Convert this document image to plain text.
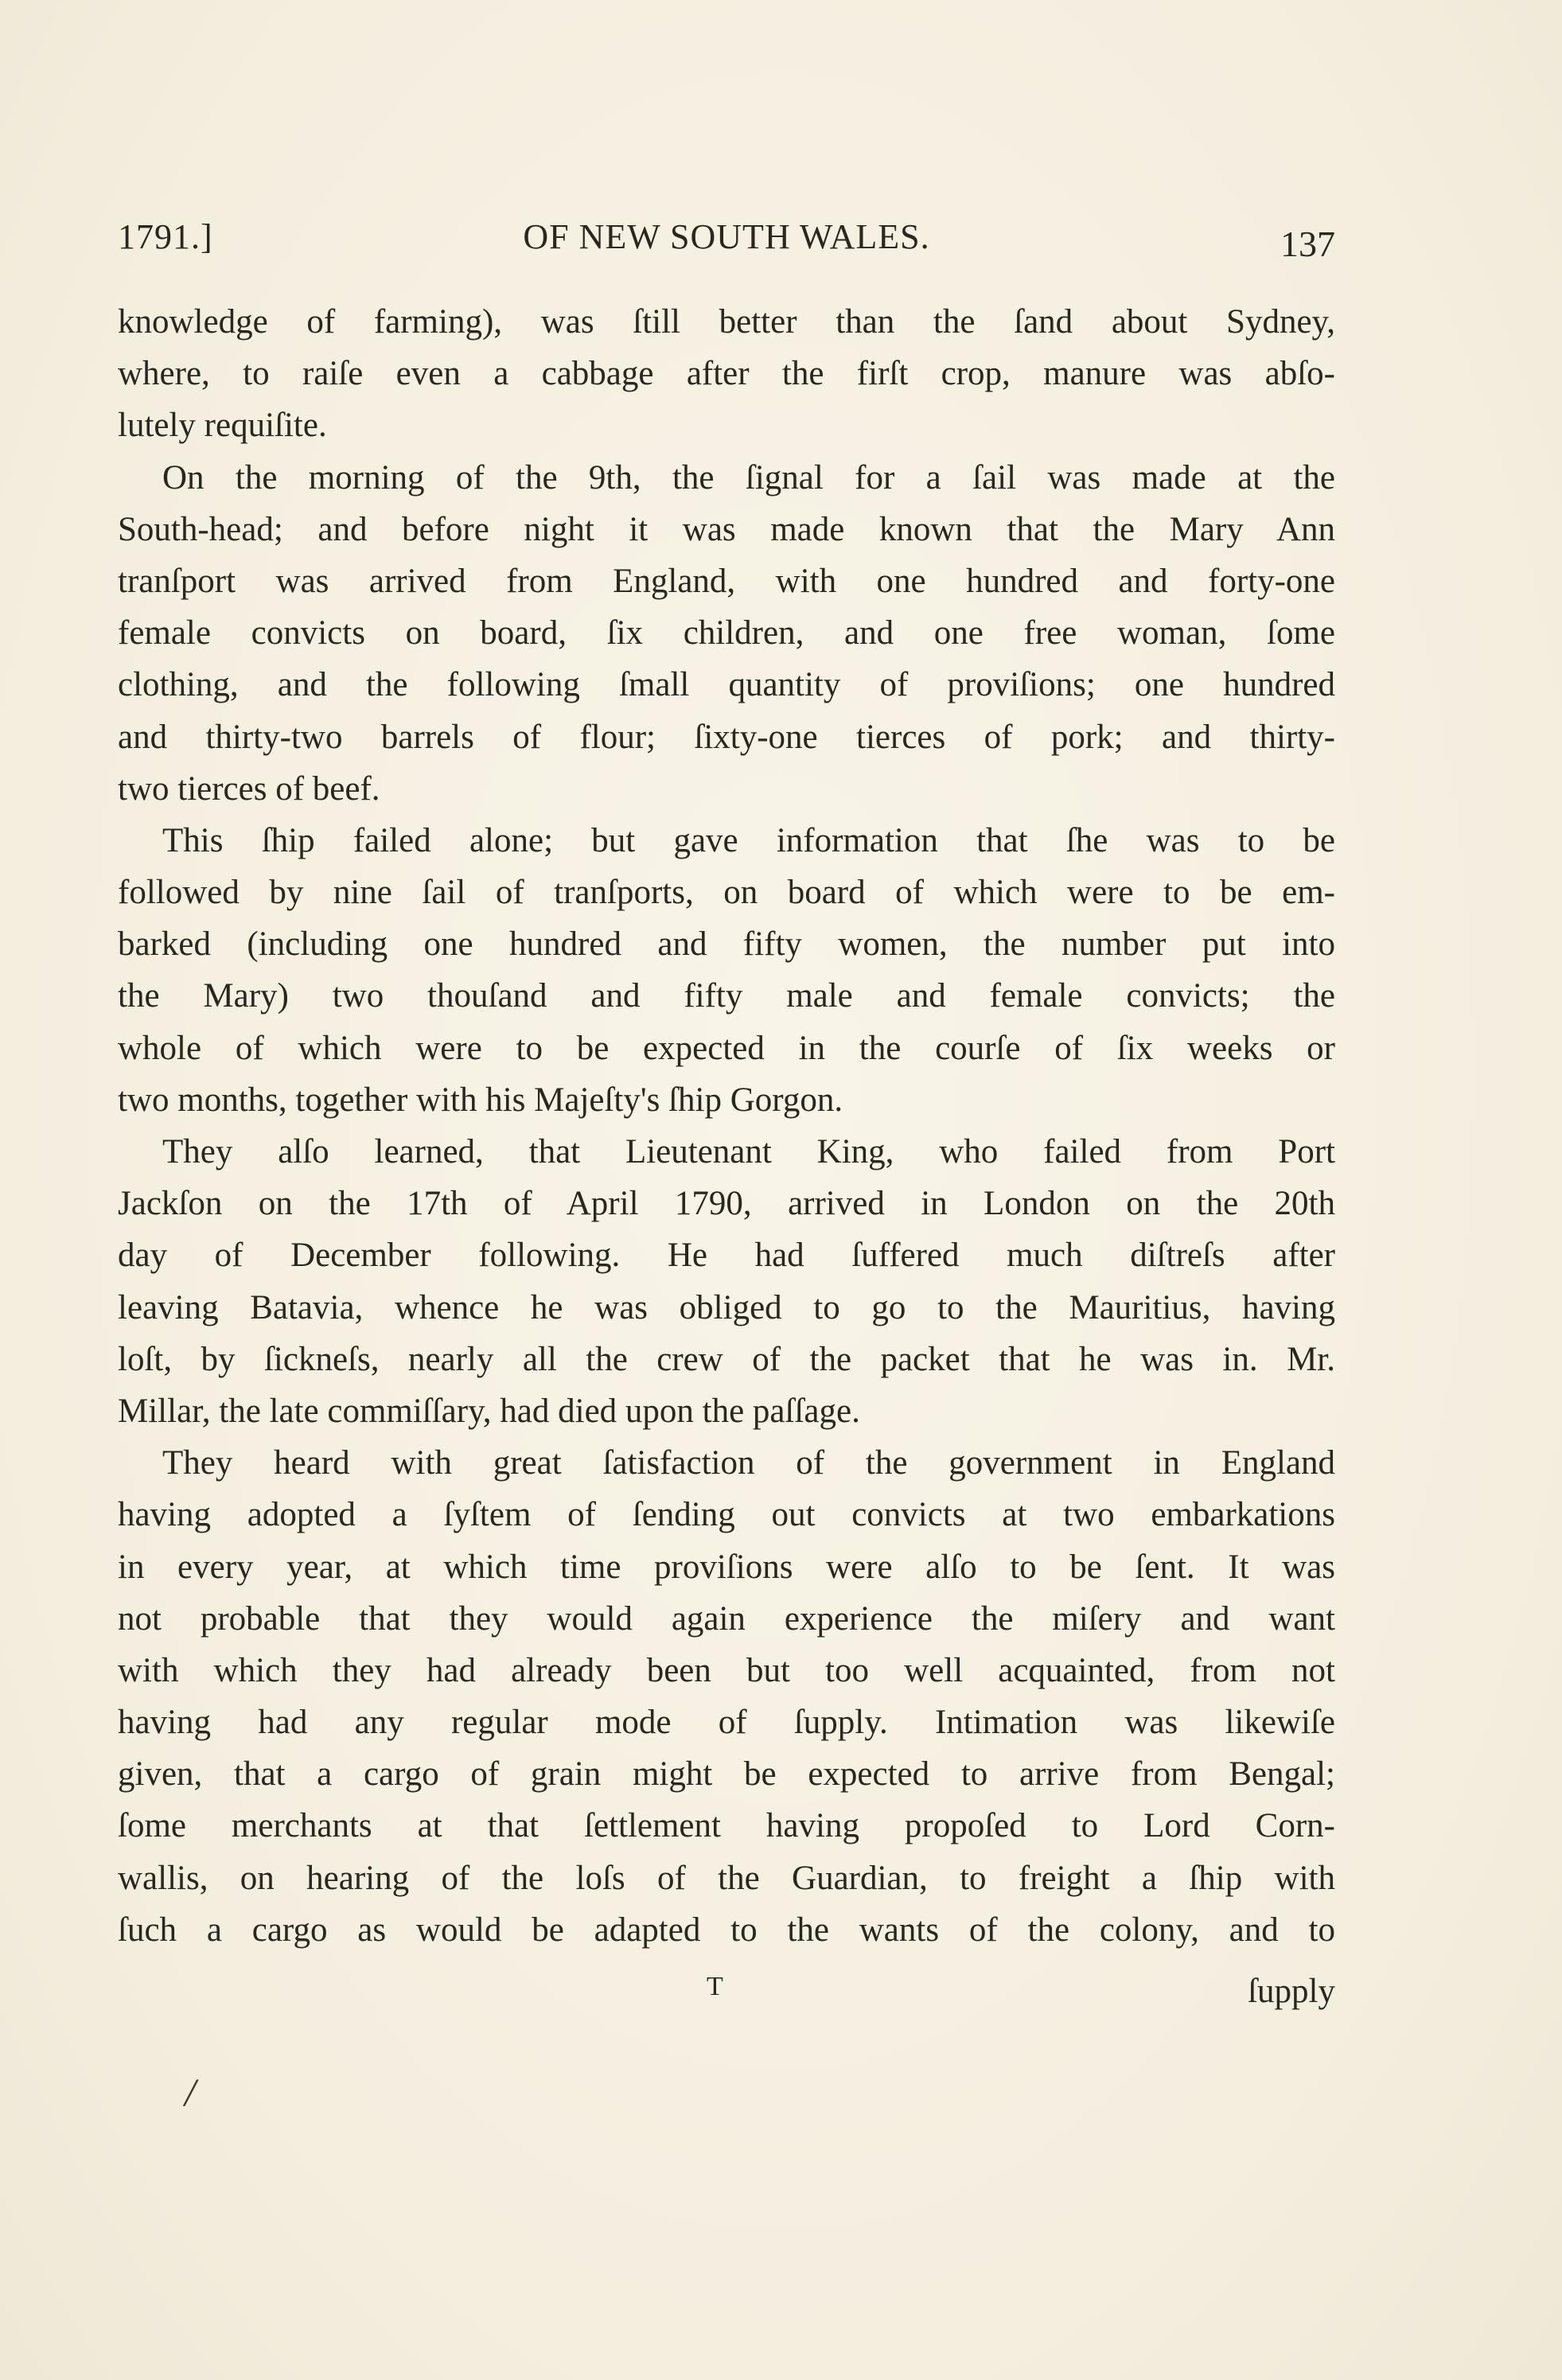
1791.]	OF NEW SOUTH WALES.	137
knowledge of farming), was ſtill better than the ſand about Sydney,
where, to raiſe even a cabbage after the firſt crop, manure was abſo-
lutely requiſite.
On the morning of the 9th, the ſignal for a ſail was made at the
South-head; and before night it was made known that the Mary Ann
tranſport was arrived from England, with one hundred and forty-one
female convicts on board, ſix children, and one free woman, ſome
clothing, and the following ſmall quantity of proviſions; one hundred
and thirty-two barrels of flour; ſixty-one tierces of pork; and thirty-
two tierces of beef.
This ſhip failed alone; but gave information that ſhe was to be
followed by nine ſail of tranſports, on board of which were to be em-
barked (including one hundred and fifty women, the number put into
the Mary) two thouſand and fifty male and female convicts; the
whole of which were to be expected in the courſe of ſix weeks or
two months, together with his Majeſty's ſhip Gorgon.
They alſo learned, that Lieutenant King, who failed from Port
Jackſon on the 17th of April 1790, arrived in London on the 20th
day of December following. He had ſuffered much diſtreſs after
leaving Batavia, whence he was obliged to go to the Mauritius, having
loſt, by ſickneſs, nearly all the crew of the packet that he was in. Mr.
Millar, the late commiſſary, had died upon the paſſage.
They heard with great ſatisfaction of the government in England
having adopted a ſyſtem of ſending out convicts at two embarkations
in every year, at which time proviſions were alſo to be ſent. It was
not probable that they would again experience the miſery and want
with which they had already been but too well acquainted, from not
having had any regular mode of ſupply. Intimation was likewiſe
given, that a cargo of grain might be expected to arrive from Bengal;
ſome merchants at that ſettlement having propoſed to Lord Corn-
wallis, on hearing of the loſs of the Guardian, to freight a ſhip with
ſuch a cargo as would be adapted to the wants of the colony, and to
T	ſupply
/
